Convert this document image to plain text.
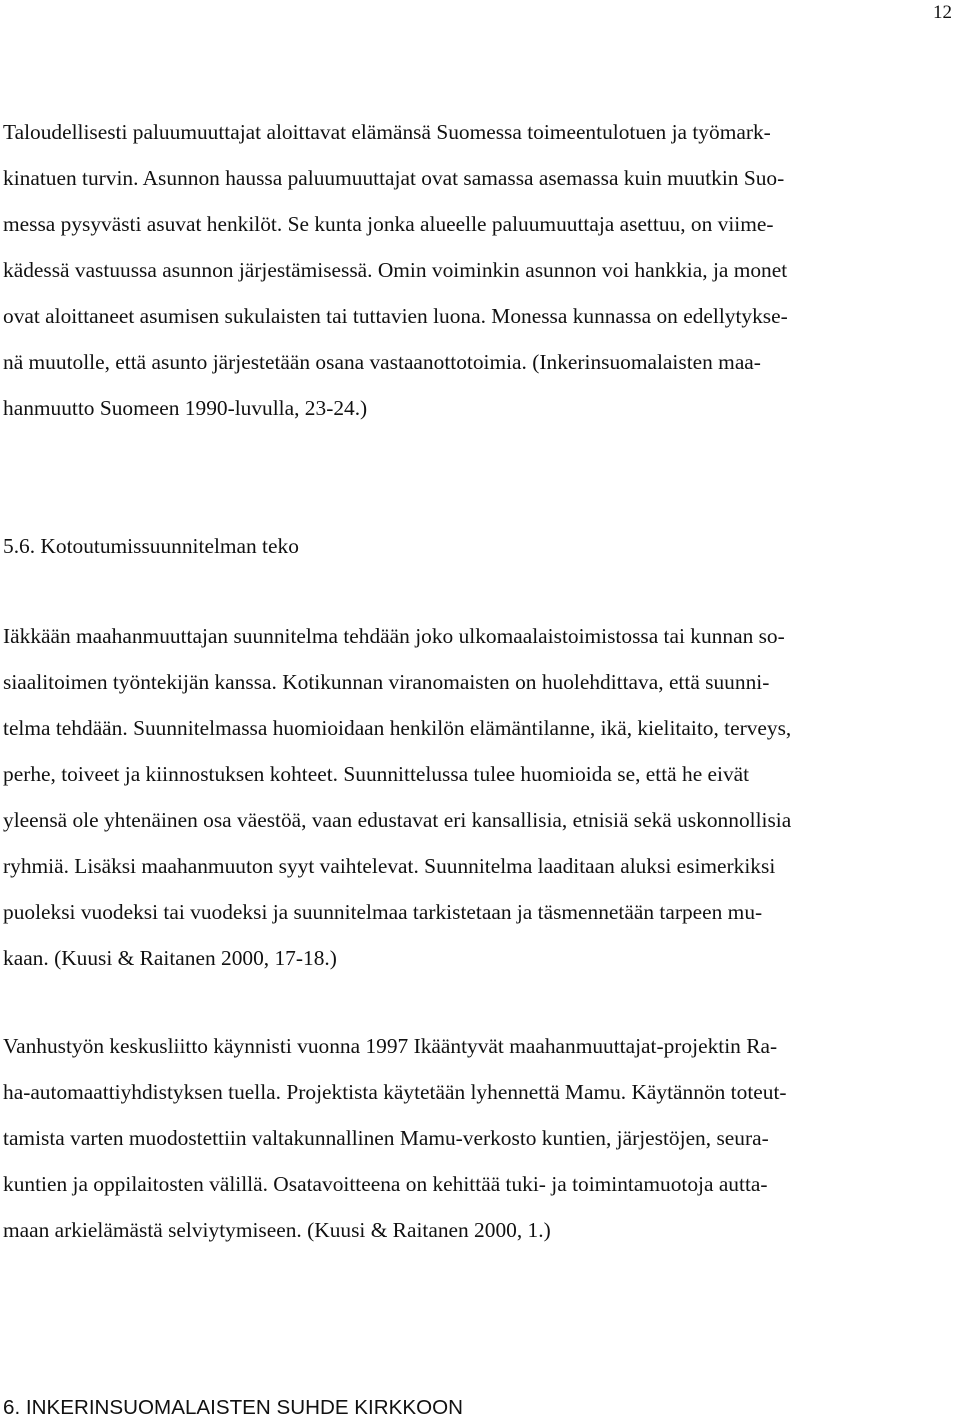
12
Taloudellisesti paluumuuttajat aloittavat elämänsä Suomessa toimeentulotuen ja työmark-
kinatuen turvin. Asunnon haussa paluumuuttajat ovat samassa asemassa kuin muutkin Suo-
messa pysyvästi asuvat henkilöt. Se kunta jonka alueelle paluumuuttaja asettuu, on viime-
kädessä vastuussa asunnon järjestämisessä. Omin voiminkin asunnon voi hankkia, ja monet
ovat aloittaneet asumisen sukulaisten tai tuttavien luona. Monessa kunnassa on edellytykse-
nä muutolle, että asunto järjestetään osana vastaanottotoimia. (Inkerinsuomalaisten maa-
hanmuutto Suomeen 1990-luvulla, 23-24.)
5.6. Kotoutumissuunnitelman teko
Iäkkään maahanmuuttajan suunnitelma tehdään joko ulkomaalaistoimistossa tai kunnan so-
siaalitoimen työntekijän kanssa. Kotikunnan viranomaisten on huolehdittava, että suunni-
telma tehdään. Suunnitelmassa huomioidaan henkilön elämäntilanne, ikä, kielitaito, terveys,
perhe, toiveet ja kiinnostuksen kohteet. Suunnittelussa tulee huomioida se, että he eivät
yleensä ole yhtenäinen osa väestöä, vaan edustavat eri kansallisia, etnisiä sekä uskonnollisia
ryhmiä. Lisäksi maahanmuuton syyt vaihtelevat. Suunnitelma laaditaan aluksi esimerkiksi
puoleksi vuodeksi tai vuodeksi ja suunnitelmaa tarkistetaan ja täsmennetään tarpeen mu-
kaan. (Kuusi & Raitanen 2000, 17-18.)
Vanhustyön keskusliitto käynnisti vuonna 1997 Ikääntyvät maahanmuuttajat-projektin Ra-
ha-automaattiyhdistyksen tuella. Projektista käytetään lyhennettä Mamu. Käytännön toteut-
tamista varten muodostettiin valtakunnallinen Mamu-verkosto kuntien, järjestöjen, seura-
kuntien ja oppilaitosten välillä. Osatavoitteena on kehittää tuki- ja toimintamuotoja autta-
maan arkielämästä selviytymiseen. (Kuusi & Raitanen 2000, 1.)
6. INKERINSUOMALAISTEN SUHDE KIRKKOON
